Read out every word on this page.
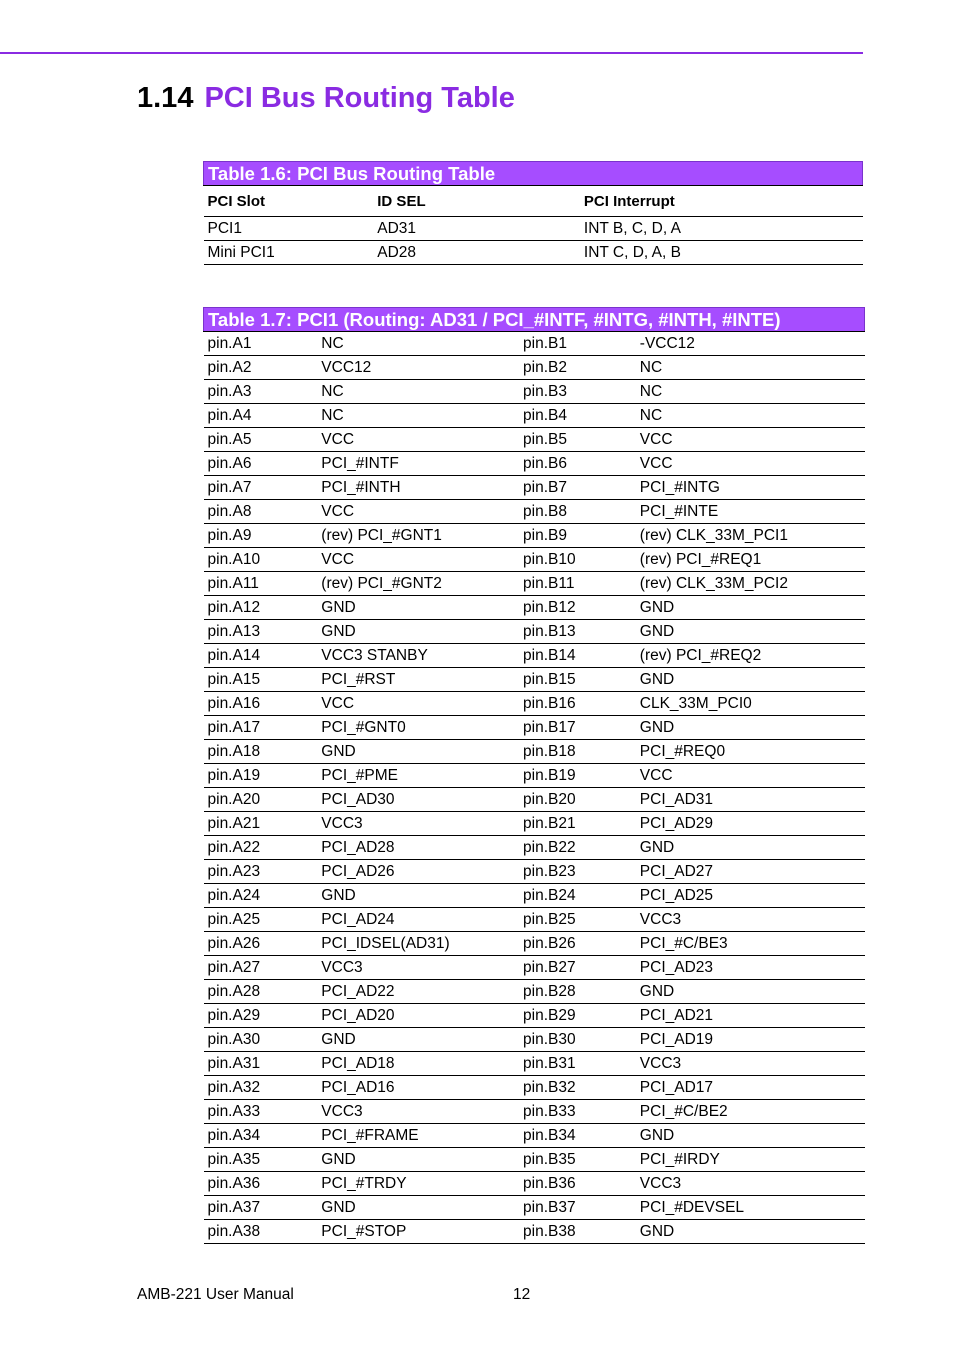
1.14 PCI Bus Routing Table
Table 1.6: PCI Bus Routing Table		
PCI Slot	ID SEL	PCI Interrupt
PCI1	AD31	INT B, C, D, A
Mini PCI1	AD28	INT C, D, A, B
Table 1.7: PCI1 (Routing: AD31 / PCI_#INTF, #INTG, #INTH, #INTE)			
pin.A1	NC	pin.B1	-VCC12
pin.A2	VCC12	pin.B2	NC
pin.A3	NC	pin.B3	NC
pin.A4	NC	pin.B4	NC
pin.A5	VCC	pin.B5	VCC
pin.A6	PCI_#INTF	pin.B6	VCC
pin.A7	PCI_#INTH	pin.B7	PCI_#INTG
pin.A8	VCC	pin.B8	PCI_#INTE
pin.A9	(rev) PCI_#GNT1	pin.B9	(rev) CLK_33M_PCI1
pin.A10	VCC	pin.B10	(rev) PCI_#REQ1
pin.A11	(rev) PCI_#GNT2	pin.B11	(rev) CLK_33M_PCI2
pin.A12	GND	pin.B12	GND
pin.A13	GND	pin.B13	GND
pin.A14	VCC3 STANBY	pin.B14	(rev) PCI_#REQ2
pin.A15	PCI_#RST	pin.B15	GND
pin.A16	VCC	pin.B16	CLK_33M_PCI0
pin.A17	PCI_#GNT0	pin.B17	GND
pin.A18	GND	pin.B18	PCI_#REQ0
pin.A19	PCI_#PME	pin.B19	VCC
pin.A20	PCI_AD30	pin.B20	PCI_AD31
pin.A21	VCC3	pin.B21	PCI_AD29
pin.A22	PCI_AD28	pin.B22	GND
pin.A23	PCI_AD26	pin.B23	PCI_AD27
pin.A24	GND	pin.B24	PCI_AD25
pin.A25	PCI_AD24	pin.B25	VCC3
pin.A26	PCI_IDSEL(AD31)	pin.B26	PCI_#C/BE3
pin.A27	VCC3	pin.B27	PCI_AD23
pin.A28	PCI_AD22	pin.B28	GND
pin.A29	PCI_AD20	pin.B29	PCI_AD21
pin.A30	GND	pin.B30	PCI_AD19
pin.A31	PCI_AD18	pin.B31	VCC3
pin.A32	PCI_AD16	pin.B32	PCI_AD17
pin.A33	VCC3	pin.B33	PCI_#C/BE2
pin.A34	PCI_#FRAME	pin.B34	GND
pin.A35	GND	pin.B35	PCI_#IRDY
pin.A36	PCI_#TRDY	pin.B36	VCC3
pin.A37	GND	pin.B37	PCI_#DEVSEL
pin.A38	PCI_#STOP	pin.B38	GND
AMB-221 User Manual	12
